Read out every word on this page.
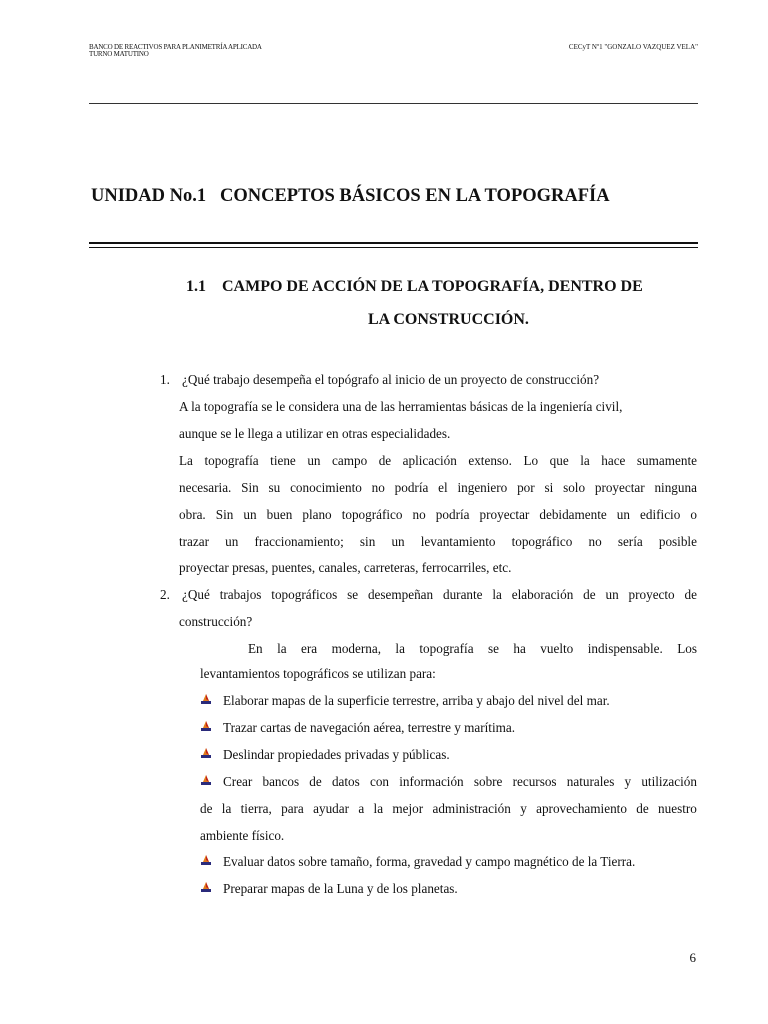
BANCO DE REACTIVOS PARA PLANIMETRÍA APLICADA
TURNO MATUTINO
CECyT Nº1 "GONZALO VAZQUEZ VELA"
UNIDAD No.1   CONCEPTOS BÁSICOS EN LA TOPOGRAFÍA
1.1    CAMPO DE ACCIÓN DE LA TOPOGRAFÍA, DENTRO DE
LA CONSTRUCCIÓN.
1. ¿Qué trabajo desempeña el topógrafo al inicio de un proyecto de construcción?
A la topografía se le considera una de las herramientas básicas de la ingeniería civil,
aunque se le llega a utilizar en otras especialidades.
La topografía tiene un campo de aplicación extenso. Lo que la hace sumamente
necesaria. Sin su conocimiento no podría el ingeniero por si solo proyectar ninguna
obra. Sin un buen plano topográfico no podría proyectar debidamente un edificio o
trazar un fraccionamiento; sin un levantamiento topográfico no sería posible
proyectar presas, puentes, canales, carreteras, ferrocarriles, etc.
2. ¿Qué trabajos topográficos se desempeñan durante la elaboración de un proyecto de
construcción?
En la era moderna, la topografía se ha vuelto indispensable. Los
levantamientos topográficos se utilizan para:
Elaborar mapas de la superficie terrestre, arriba y abajo del nivel del mar.
Trazar cartas de navegación aérea, terrestre y marítima.
Deslindar propiedades privadas y públicas.
Crear bancos de datos con información sobre recursos naturales y utilización
de la tierra, para ayudar a la mejor administración y aprovechamiento de nuestro
ambiente físico.
Evaluar datos sobre tamaño, forma, gravedad y campo magnético de la Tierra.
Preparar mapas de la Luna y de los planetas.
6
